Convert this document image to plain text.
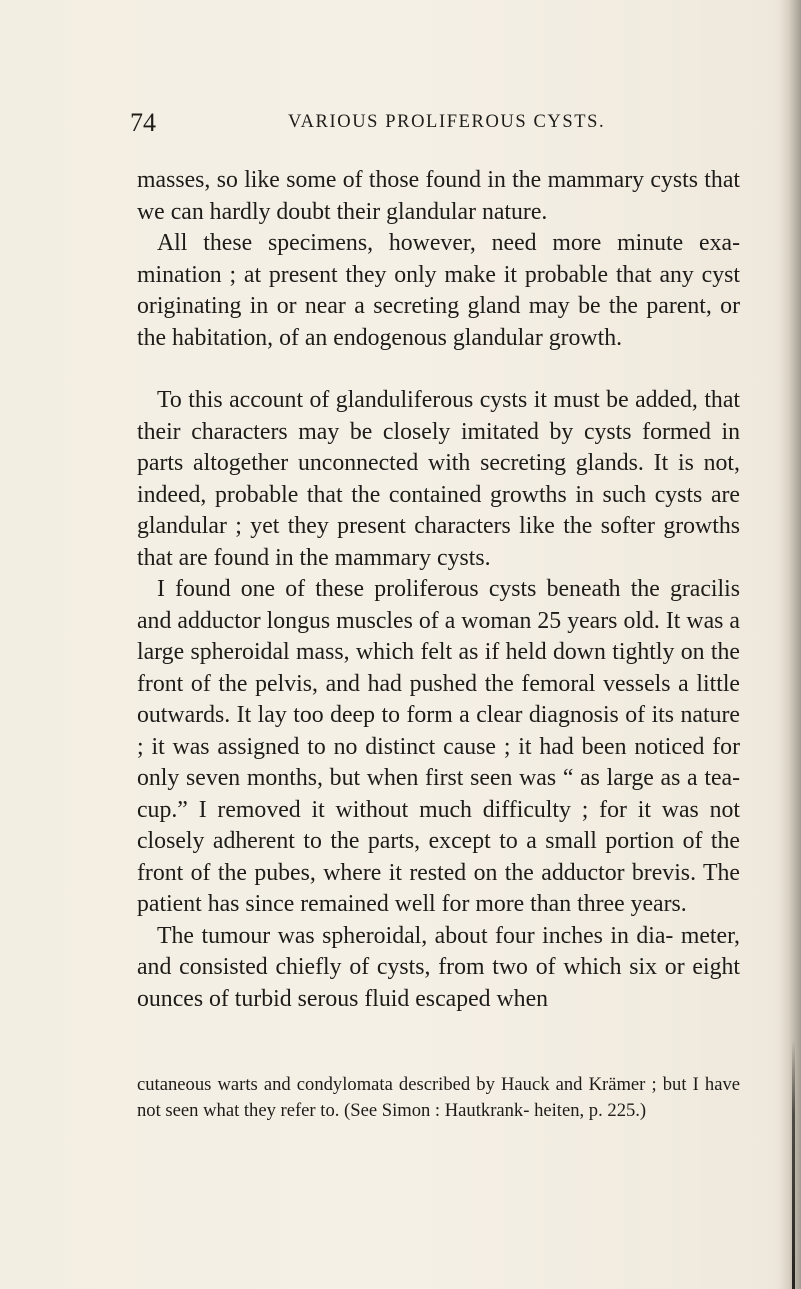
74	VARIOUS PROLIFEROUS CYSTS.

masses, so like some of those found in the mammary cysts that we can hardly doubt their glandular nature.

All these specimens, however, need more minute exa- mination ; at present they only make it probable that any cyst originating in or near a secreting gland may be the parent, or the habitation, of an endogenous glandular growth.

To this account of glanduliferous cysts it must be added, that their characters may be closely imitated by cysts formed in parts altogether unconnected with secreting glands. It is not, indeed, probable that the contained growths in such cysts are glandular ; yet they present characters like the softer growths that are found in the mammary cysts.

I found one of these proliferous cysts beneath the gracilis and adductor longus muscles of a woman 25 years old. It was a large spheroidal mass, which felt as if held down tightly on the front of the pelvis, and had pushed the femoral vessels a little outwards. It lay too deep to form a clear diagnosis of its nature ; it was assigned to no distinct cause ; it had been noticed for only seven months, but when first seen was “ as large as a tea-cup.” I removed it without much difficulty ; for it was not closely adherent to the parts, except to a small portion of the front of the pubes, where it rested on the adductor brevis. The patient has since remained well for more than three years.

The tumour was spheroidal, about four inches in dia- meter, and consisted chiefly of cysts, from two of which six or eight ounces of turbid serous fluid escaped when

cutaneous warts and condylomata described by Hauck and Krämer ; but I have not seen what they refer to. (See Simon : Hautkrank- heiten, p. 225.)
